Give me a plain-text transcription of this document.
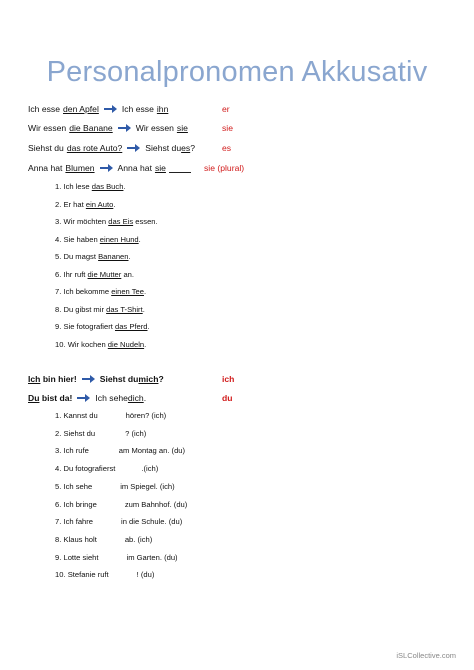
Personalpronomen Akkusativ
Ich esse den Apfel	Ich esse ihn	er
Wir essen die Banane	Wir essen sie	sie
Siehst du das rote Auto?	Siehst du es?	es
Anna hat Blumen	Anna hat sie	sie (plural)
1. Ich lese das Buch.
2. Er hat ein Auto.
3. Wir möchten das Eis essen.
4. Sie haben einen Hund.
5. Du magst Bananen.
6. Ihr ruft die Mutter an.
7. Ich bekomme einen Tee.
8. Du gibst mir das T-Shirt.
9. Sie fotografiert das Pferd.
10. Wir kochen die Nudeln.
Ich bin hier!	Siehst du mich?	ich
Du bist da!	Ich sehe dich.	du
1. Kannst du	hören? (ich)
2. Siehst du	? (ich)
3. Ich rufe	am Montag an. (du)
4. Du fotografierst	.(ich)
5. Ich sehe	im Spiegel. (ich)
6. Ich bringe	zum Bahnhof. (du)
7. Ich fahre	in die Schule. (du)
8. Klaus holt	ab. (ich)
9. Lotte sieht	im Garten. (du)
10. Stefanie ruft	! (du)
iSLCollective.com
